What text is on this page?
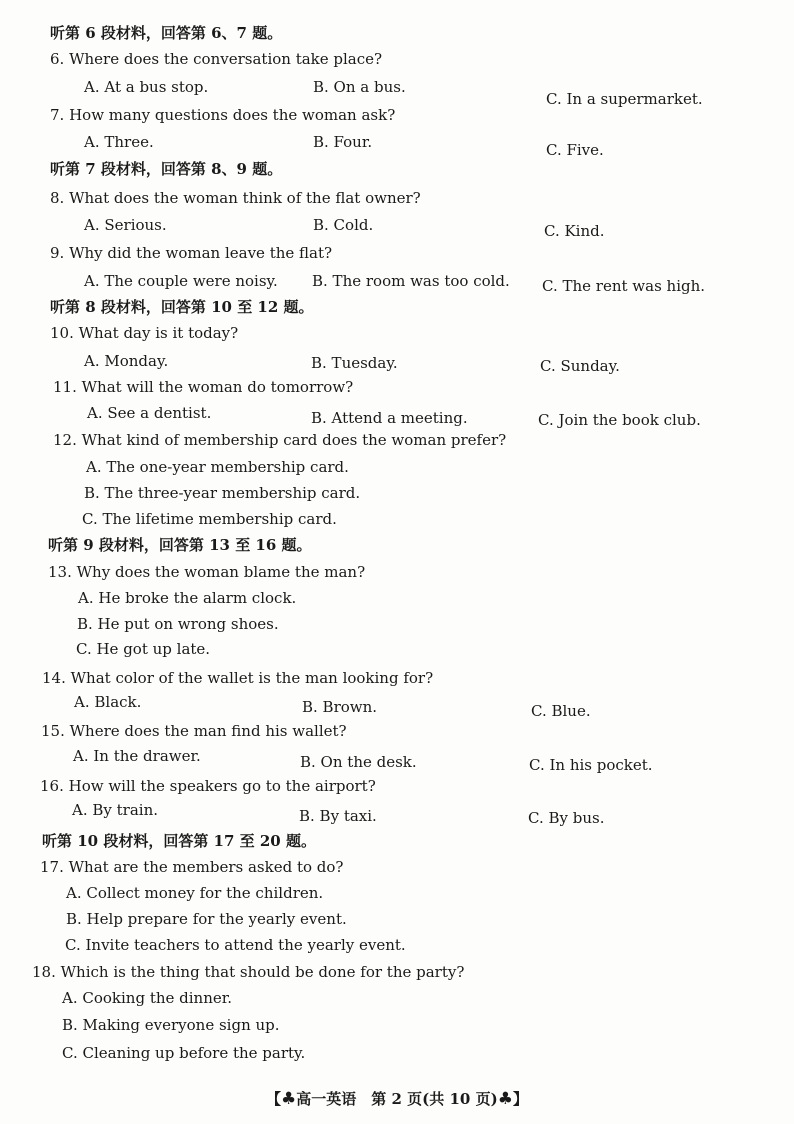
听第 6 段材料，回答第 6、7 题。
6. Where does the conversation take place?
A. At a bus stop.	B. On a bus.
C. In a supermarket.
7. How many questions does the woman ask?
A. Three.	B. Four.	C. Five.
听第 7 段材料，回答第 8、9 题。
8. What does the woman think of the flat owner?
A. Serious.	B. Cold.	C. Kind.
9. Why did the woman leave the flat?
A. The couple were noisy. B. The room was too cold. C. The rent was high.
听第 8 段材料，回答第 10 至 12 题。
10. What day is it today?
A. Monday.	B. Tuesday.	C. Sunday.
11. What will the woman do tomorrow?
A. See a dentist.	B. Attend a meeting.	C. Join the book club.
12. What kind of membership card does the woman prefer?
A. The one-year membership card.
B. The three-year membership card.
C. The lifetime membership card.
听第 9 段材料，回答第 13 至 16 题。
13. Why does the woman blame the man?
A. He broke the alarm clock.
B. He put on wrong shoes.
C. He got up late.
14. What color of the wallet is the man looking for?
A. Black.	B. Brown.	C. Blue.
15. Where does the man find his wallet?
A. In the drawer.	B. On the desk.	C. In his pocket.
16. How will the speakers go to the airport?
A. By train.	B. By taxi.	C. By bus.
听第 10 段材料，回答第 17 至 20 题。
17. What are the members asked to do?
A. Collect money for the children.
B. Help prepare for the yearly event.
C. Invite teachers to attend the yearly event.
18. Which is the thing that should be done for the party?
A. Cooking the dinner.
B. Making everyone sign up.
C. Cleaning up before the party.
【♣高一英语　第 2 页(共 10 页)♣】
